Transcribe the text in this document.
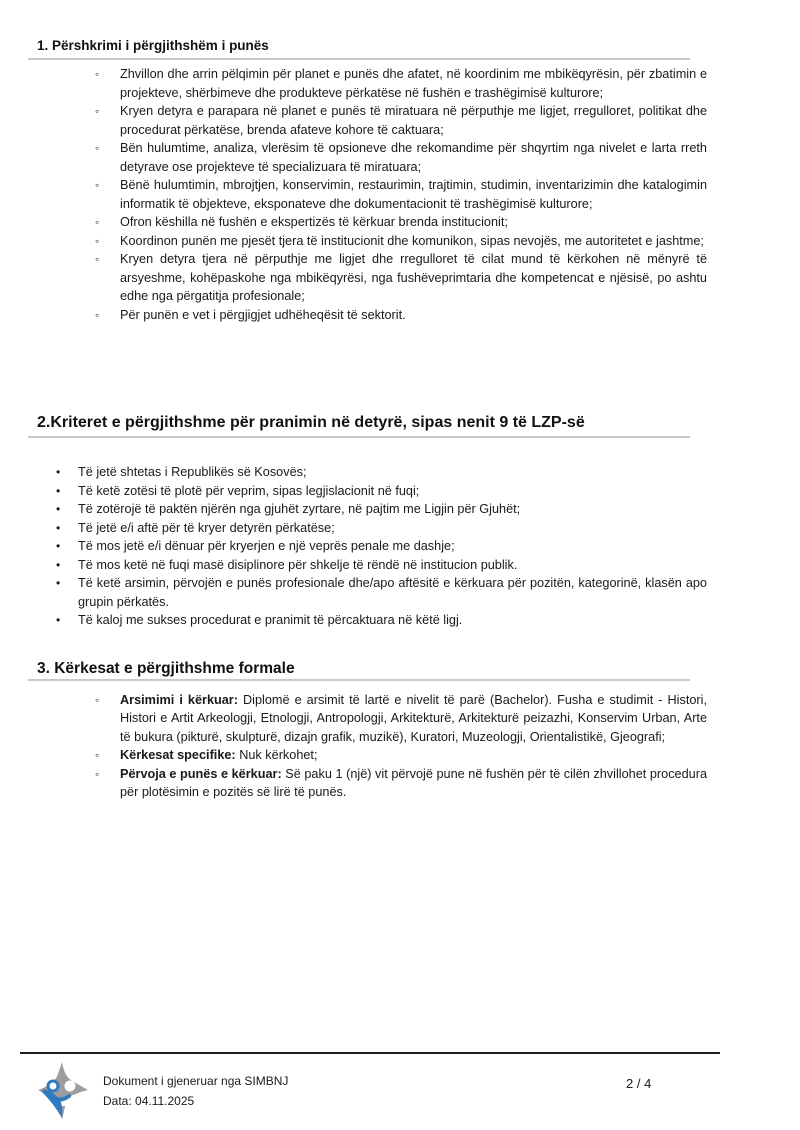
1. Përshkrimi i përgjithshëm i punës
◦ Zhvillon dhe arrin pëlqimin për planet e punës dhe afatet, në koordinim me mbikëqyrësin, për zbatimin e projekteve, shërbimeve dhe produkteve përkatëse në fushën e trashëgimisë kulturore;
◦ Kryen detyra e parapara në planet e punës të miratuara në përputhje me ligjet, rregulloret, politikat dhe procedurat përkatëse, brenda afateve kohore të caktuara;
◦ Bën hulumtime, analiza, vlerësim të opsioneve dhe rekomandime për shqyrtim nga nivelet e larta rreth detyrave ose projekteve të specializuara të miratuara;
◦ Bënë hulumtimin, mbrojtjen, konservimin, restaurimin, trajtimin, studimin, inventarizimin dhe katalogimin informatik të objekteve, eksponateve dhe dokumentacionit të trashëgimisë kulturore;
◦ Ofron këshilla në fushën e ekspertizës të kërkuar brenda institucionit;
◦ Koordinon punën me pjesët tjera të institucionit dhe komunikon, sipas nevojës, me autoritetet e jashtme;
◦ Kryen detyra tjera në përputhje me ligjet dhe rregulloret të cilat mund të kërkohen në mënyrë të arsyeshme, kohëpaskohe nga mbikëqyrësi, nga fushëveprimtaria dhe kompetencat e njësisë, po ashtu edhe nga përgatitja profesionale;
◦ Për punën e vet i përgjigjet udhëheqësit të sektorit.
2.Kriteret e përgjithshme për pranimin në detyrë, sipas nenit 9 të LZP-së
• Të jetë shtetas i Republikës së Kosovës;
• Të ketë zotësi të plotë për veprim, sipas legjislacionit në fuqi;
• Të zotërojë të paktën njërën nga gjuhët zyrtare, në pajtim me Ligjin për Gjuhët;
• Të jetë e/i aftë për të kryer detyrën përkatëse;
• Të mos jetë e/i dënuar për kryerjen e një veprës penale me dashje;
• Të mos ketë në fuqi masë disiplinore për shkelje të rëndë në institucion publik.
• Të ketë arsimin, përvojën e punës profesionale dhe/apo aftësitë e kërkuara për pozitën, kategorinë, klasën apo grupin përkatës.
• Të kaloj me sukses procedurat e pranimit të përcaktuara në këtë ligj.
3. Kërkesat e përgjithshme formale
◦ Arsimimi i kërkuar: Diplomë e arsimit të lartë e nivelit të parë (Bachelor). Fusha e studimit - Histori, Histori e Artit Arkeologji, Etnologji, Antropologji, Arkitekturë, Arkitekturë peizazhi, Konservim Urban, Arte të bukura (pikturë, skulpturë, dizajn grafik, muzikë), Kuratori, Muzeologji, Orientalistikë, Gjeografi;
◦ Kërkesat specifike: Nuk kërkohet;
◦ Përvoja e punës e kërkuar: Së paku 1 (një) vit përvojë pune në fushën për të cilën zhvillohet procedura për plotësimin e pozitës së lirë të punës.
Dokument i gjeneruar nga SIMBNJ
Data: 04.11.2025
2 / 4
